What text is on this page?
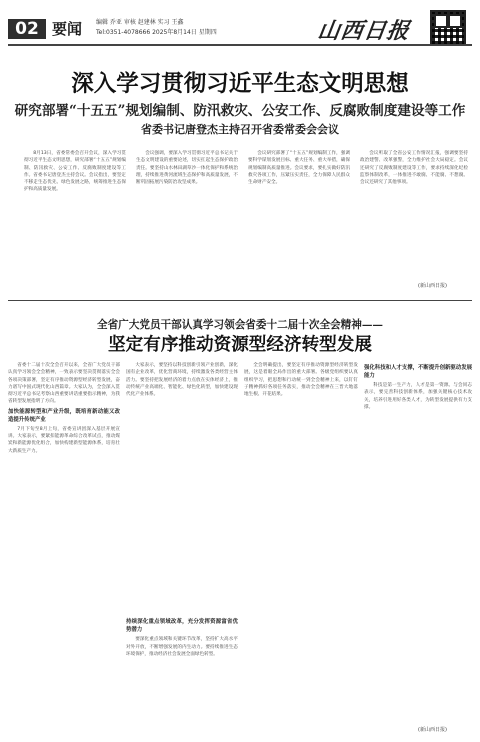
02 要闻 编辑 乔亚 审核 赵建林 实习 王鑫
Tel:0351-4078666 2025年8月14日 星期四	山西日报
深入学习贯彻习近平生态文明思想
研究部署“十五五”规划编制、防汛救灾、公安工作、反腐败制度建设等工作
省委书记唐登杰主持召开省委常委会会议

8月13日，省委常委会召开会议，深入学习贯彻习近平生态文明思想，研究部署“十五五”规划编制、防汛救灾、公安工作、反腐败制度建设等工作。省委书记唐登杰主持会议。会议指出，要坚定不移走生态优先、绿色发展之路，统筹推进生态保护和高质量发展。

会议强调，要深入学习贯彻习近平总书记关于生态文明建设的重要论述，切实扛起生态保护政治责任。要坚持山水林田湖草沙一体化保护和系统治理，持续推进黄河流域生态保护和高质量发展，不断巩固拓展污染防治攻坚成果。

会议研究部署了“十五五”规划编制工作，强调要科学谋划发展目标、重大任务、重大举措，确保规划编制高质量推进。会议要求，要扎实做好防汛救灾各项工作，压紧压实责任，全力保障人民群众生命财产安全。

会议听取了全省公安工作情况汇报，强调要坚持政治建警、改革强警，全力维护社会大局稳定。会议还研究了反腐败制度建设等工作，要求持续深化纪检监察体制改革，一体推进不敢腐、不能腐、不想腐。会议还研究了其他事项。

(新山西日报)
全省广大党员干部认真学习领会省委十二届十次全会精神——
坚定有序推动资源型经济转型发展

省委十二届十次全会召开以来，全省广大党员干部认真学习领会全会精神，一致表示要坚决贯彻落实全会各项决策部署，坚定有序推动资源型经济转型发展，奋力谱写中国式现代化山西篇章。大家认为，全会深入贯彻习近平总书记考察山西重要讲话重要指示精神，为我省转型发展指明了方向。

加快能源转型和产业升级，既培育新动能又改造提升传统产业

7月下旬至8月上旬，省委宣讲团深入基层开展宣讲。大家表示，要紧扣能源革命综合改革试点，推动煤炭和新能源优化组合，加快构建新型能源体系，培育壮大新质生产力。

大家表示，要坚持以科技创新引领产业创新，深化国有企业改革，优化营商环境，持续激发各类经营主体活力。要坚持把发展经济的着力点放在实体经济上，推动传统产业高端化、智能化、绿色化转型，加快建设现代化产业体系。

持续深化重点领域改革，充分发挥资源富省优势潜力

要深化重点领域和关键环节改革，坚持扩大高水平对外开放，不断增强发展的内生动力。要持续推进生态环境保护，推动经济社会发展全面绿色转型。

全会明确提出，要坚定有序推动资源型经济转型发展，这是着眼全局作出的重大部署。各级党组织要认真组织学习，把思想和行动统一到全会精神上来，以钉钉子精神抓好各项任务落实，推动全会精神在三晋大地落地生根、开花结果。

强化科技和人才支撑，不断提升创新驱动发展能力

科技是第一生产力，人才是第一资源。与会同志表示，要完善科技创新体系，加强关键核心技术攻关，培养引进用好各类人才，为转型发展提供有力支撑。

(新山西日报)
